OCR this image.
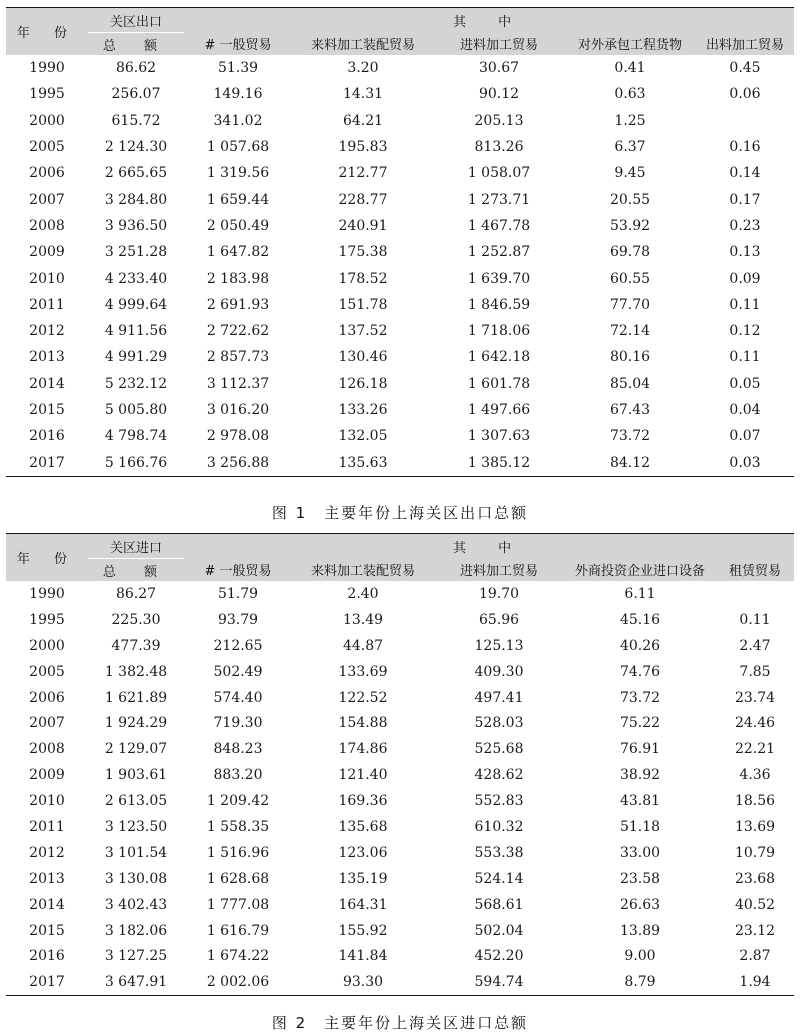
年 份	关区出口	其 中				
	总 额	# 一般贸易	来料加工装配贸易	进料加工贸易	对外承包工程货物	出料加工贸易
1990	86.62	51.39	3.20	30.67	0.41	0.45
1995	256.07	149.16	14.31	90.12	0.63	0.06
2000	615.72	341.02	64.21	205.13	1.25	
2005	2 124.30	1 057.68	195.83	813.26	6.37	0.16
2006	2 665.65	1 319.56	212.77	1 058.07	9.45	0.14
2007	3 284.80	1 659.44	228.77	1 273.71	20.55	0.17
2008	3 936.50	2 050.49	240.91	1 467.78	53.92	0.23
2009	3 251.28	1 647.82	175.38	1 252.87	69.78	0.13
2010	4 233.40	2 183.98	178.52	1 639.70	60.55	0.09
2011	4 999.64	2 691.93	151.78	1 846.59	77.70	0.11
2012	4 911.56	2 722.62	137.52	1 718.06	72.14	0.12
2013	4 991.29	2 857.73	130.46	1 642.18	80.16	0.11
2014	5 232.12	3 112.37	126.18	1 601.78	85.04	0.05
2015	5 005.80	3 016.20	133.26	1 497.66	67.43	0.04
2016	4 798.74	2 978.08	132.05	1 307.63	73.72	0.07
2017	5 166.76	3 256.88	135.63	1 385.12	84.12	0.03
图 1　主要年份上海关区出口总额
年 份	关区进口	其 中				
	总 额	# 一般贸易	来料加工装配贸易	进料加工贸易	外商投资企业进口设备	租赁贸易
1990	86.27	51.79	2.40	19.70	6.11	
1995	225.30	93.79	13.49	65.96	45.16	0.11
2000	477.39	212.65	44.87	125.13	40.26	2.47
2005	1 382.48	502.49	133.69	409.30	74.76	7.85
2006	1 621.89	574.40	122.52	497.41	73.72	23.74
2007	1 924.29	719.30	154.88	528.03	75.22	24.46
2008	2 129.07	848.23	174.86	525.68	76.91	22.21
2009	1 903.61	883.20	121.40	428.62	38.92	4.36
2010	2 613.05	1 209.42	169.36	552.83	43.81	18.56
2011	3 123.50	1 558.35	135.68	610.32	51.18	13.69
2012	3 101.54	1 516.96	123.06	553.38	33.00	10.79
2013	3 130.08	1 628.68	135.19	524.14	23.58	23.68
2014	3 402.43	1 777.08	164.31	568.61	26.63	40.52
2015	3 182.06	1 616.79	155.92	502.04	13.89	23.12
2016	3 127.25	1 674.22	141.84	452.20	9.00	2.87
2017	3 647.91	2 002.06	93.30	594.74	8.79	1.94
图 2　主要年份上海关区进口总额
